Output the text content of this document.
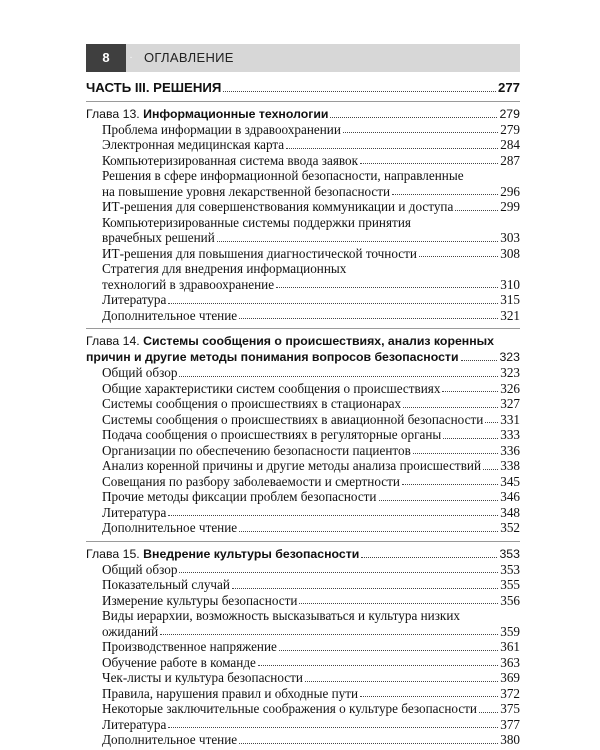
8	· ОГЛАВЛЕНИЕ
ЧАСТЬ III. РЕШЕНИЯ	277
Глава 13. Информационные технологии	279
Проблема информации в здравоохранении	279
Электронная медицинская карта	284
Компьютеризированная система ввода заявок	287
Решения в сфере информационной безопасности, направленные
на повышение уровня лекарственной безопасности	296
ИТ-решения для совершенствования коммуникации и доступа	299
Компьютеризированные системы поддержки принятия
врачебных решений	303
ИТ-решения для повышения диагностической точности	308
Стратегия для внедрения информационных
технологий в здравоохранение	310
Литература	315
Дополнительное чтение	321
Глава 14. Системы сообщения о происшествиях, анализ коренных
причин и другие методы понимания вопросов безопасности	323
Общий обзор	323
Общие характеристики систем сообщения о происшествиях	326
Системы сообщения о происшествиях в стационарах	327
Системы сообщения о происшествиях в авиационной безопасности 331
Подача сообщения о происшествиях в регуляторные органы	333
Организации по обеспечению безопасности пациентов	336
Анализ коренной причины и другие методы анализа происшествий 338
Совещания по разбору заболеваемости и смертности	345
Прочие методы фиксации проблем безопасности	346
Литература	348
Дополнительное чтение	352
Глава 15. Внедрение культуры безопасности	353
Общий обзор	353
Показательный случай	355
Измерение культуры безопасности	356
Виды иерархии, возможность высказываться и культура низких
ожиданий	359
Производственное напряжение	361
Обучение работе в команде	363
Чек-листы и культура безопасности	369
Правила, нарушения правил и обходные пути	372
Некоторые заключительные соображения о культуре безопасности 375
Литература	377
Дополнительное чтение	380
